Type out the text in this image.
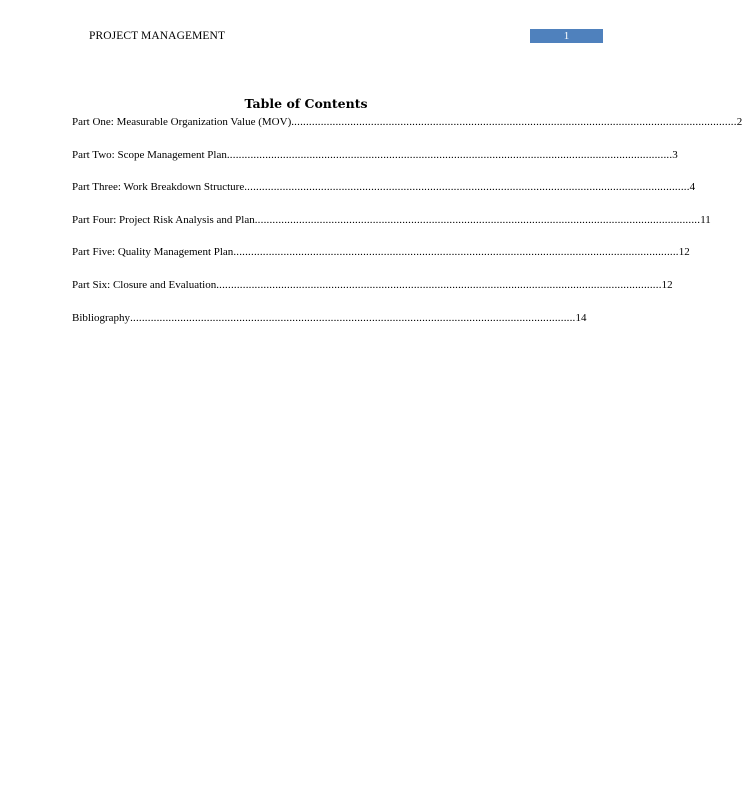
PROJECT MANAGEMENT	1
Table of Contents
Part One: Measurable Organization Value (MOV) ....................................................................................................................................................... 2
Part Two: Scope Management Plan ....................................................................................................................................................... 3
Part Three: Work Breakdown Structure ....................................................................................................................................................... 4
Part Four: Project Risk Analysis and Plan ....................................................................................................................................................... 11
Part Five: Quality Management Plan ....................................................................................................................................................... 12
Part Six: Closure and Evaluation ....................................................................................................................................................... 12
Bibliography ....................................................................................................................................................... 14
